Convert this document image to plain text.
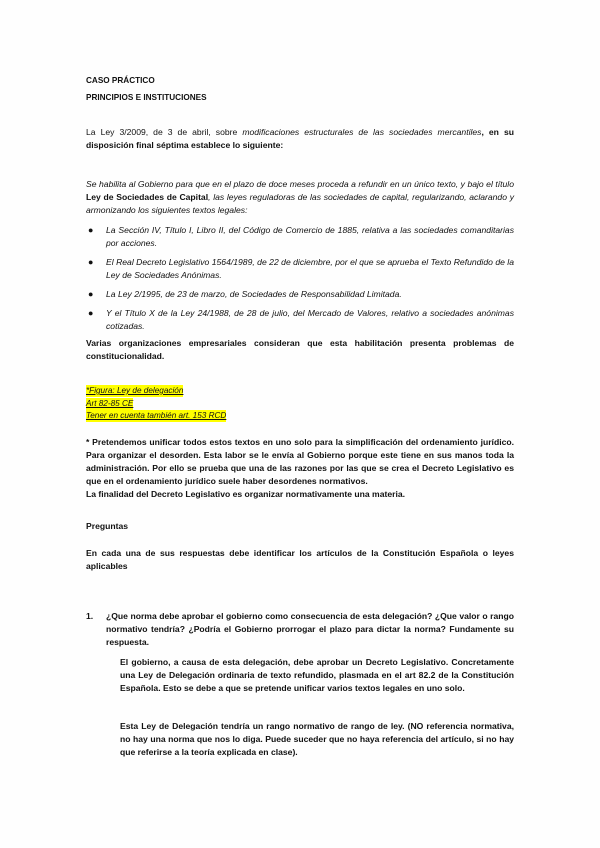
CASO PRÁCTICO
PRINCIPIOS E INSTITUCIONES
La Ley 3/2009, de 3 de abril, sobre modificaciones estructurales de las sociedades mercantiles, en su disposición final séptima establece lo siguiente:
Se habilita al Gobierno para que en el plazo de doce meses proceda a refundir en un único texto, y bajo el título Ley de Sociedades de Capital, las leyes reguladoras de las sociedades de capital, regularizando, aclarando y armonizando los siguientes textos legales:
● La Sección IV, Título I, Libro II, del Código de Comercio de 1885, relativa a las sociedades comanditarias por acciones.
● El Real Decreto Legislativo 1564/1989, de 22 de diciembre, por el que se aprueba el Texto Refundido de la Ley de Sociedades Anónimas.
● La Ley 2/1995, de 23 de marzo, de Sociedades de Responsabilidad Limitada.
● Y el Título X de la Ley 24/1988, de 28 de julio, del Mercado de Valores, relativo a sociedades anónimas cotizadas.
Varias organizaciones empresariales consideran que esta habilitación presenta problemas de constitucionalidad.
*Figura: Ley de delegación
Art 82-85 CE
Tener en cuenta también art. 153 RCD
* Pretendemos unificar todos estos textos en uno solo para la simplificación del ordenamiento jurídico. Para organizar el desorden. Esta labor se le envía al Gobierno porque este tiene en sus manos toda la administración. Por ello se prueba que una de las razones por las que se crea el Decreto Legislativo es que en el ordenamiento jurídico suele haber desordenes normativos.
La finalidad del Decreto Legislativo es organizar normativamente una materia.
Preguntas
En cada una de sus respuestas debe identificar los artículos de la Constitución Española o leyes aplicables
1. ¿Que norma debe aprobar el gobierno como consecuencia de esta delegación? ¿Que valor o rango normativo tendría? ¿Podría el Gobierno prorrogar el plazo para dictar la norma? Fundamente su respuesta.
El gobierno, a causa de esta delegación, debe aprobar un Decreto Legislativo. Concretamente una Ley de Delegación ordinaria de texto refundido, plasmada en el art 82.2 de la Constitución Española. Esto se debe a que se pretende unificar varios textos legales en uno solo.
Esta Ley de Delegación tendría un rango normativo de rango de ley. (NO referencia normativa, no hay una norma que nos lo diga. Puede suceder que no haya referencia del artículo, si no hay que referirse a la teoría explicada en clase).
